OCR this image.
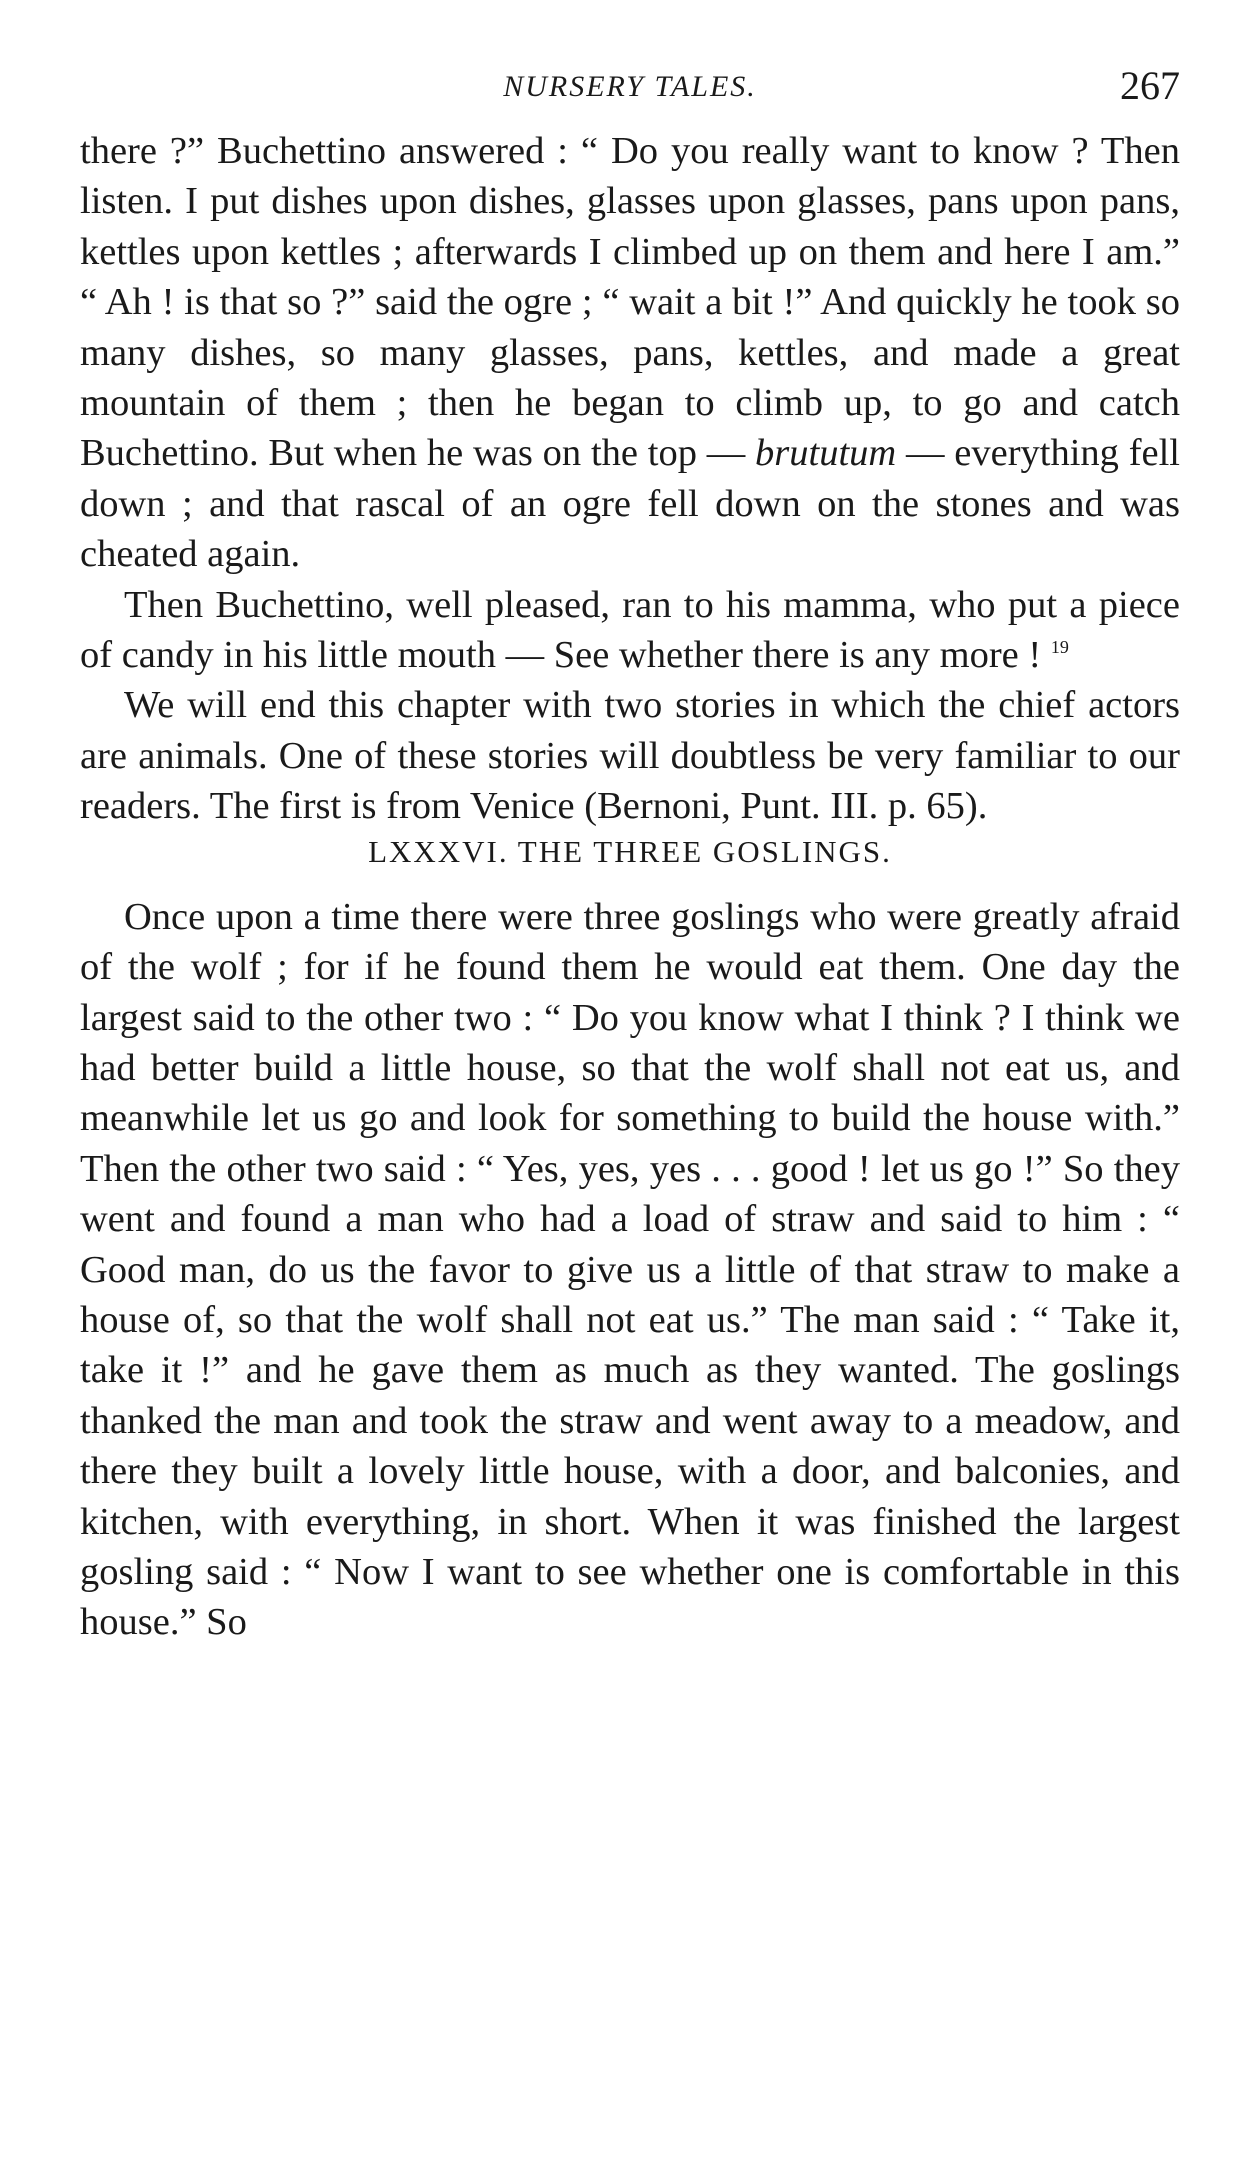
NURSERY TALES.	267

there ?” Buchettino answered : “ Do you really want to know ? Then listen. I put dishes upon dishes, glasses upon glasses, pans upon pans, kettles upon kettles ; afterwards I climbed up on them and here I am.” “ Ah ! is that so ?” said the ogre ; “ wait a bit !” And quickly he took so many dishes, so many glasses, pans, kettles, and made a great mountain of them ; then he began to climb up, to go and catch Buchettino. But when he was on the top — brututum — everything fell down ; and that rascal of an ogre fell down on the stones and was cheated again.

Then Buchettino, well pleased, ran to his mamma, who put a piece of candy in his little mouth — See whether there is any more ! $^{19}$

We will end this chapter with two stories in which the chief actors are animals. One of these stories will doubtless be very familiar to our readers. The first is from Venice (Bernoni, Punt. III. p. 65).

LXXXVI. THE THREE GOSLINGS.

Once upon a time there were three goslings who were greatly afraid of the wolf ; for if he found them he would eat them. One day the largest said to the other two : “ Do you know what I think ? I think we had better build a little house, so that the wolf shall not eat us, and meanwhile let us go and look for something to build the house with.” Then the other two said : “ Yes, yes, yes . . . good ! let us go !” So they went and found a man who had a load of straw and said to him : “ Good man, do us the favor to give us a little of that straw to make a house of, so that the wolf shall not eat us.” The man said : “ Take it, take it !” and he gave them as much as they wanted. The goslings thanked the man and took the straw and went away to a meadow, and there they built a lovely little house, with a door, and balconies, and kitchen, with everything, in short. When it was finished the largest gosling said : “ Now I want to see whether one is comfortable in this house.” So
